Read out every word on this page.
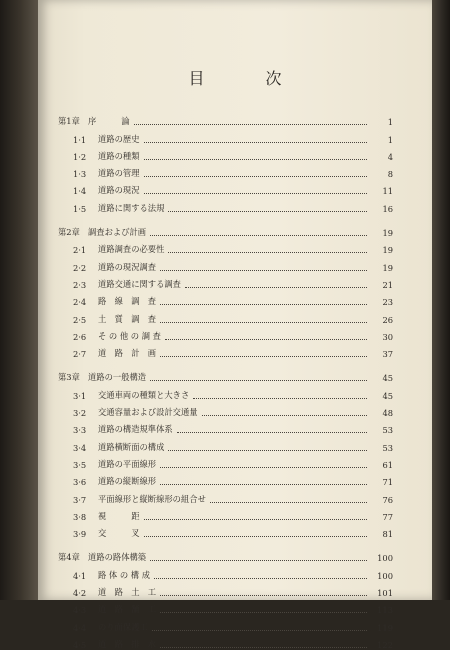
目 次
第1章 序　　　論	1
1·1	道路の歴史	1
1·2	道路の種類	4
1·3	道路の管理	8
1·4	道路の現況	11
1·5	道路に関する法規	16
第2章 調査および計画	19
2·1	道路調査の必要性	19
2·2	道路の現況調査	19
2·3	道路交通に関する調査	21
2·4	路　線　調　査	23
2·5	土　質　調　査	26
2·6	そ の 他 の 調 査	30
2·7	道　路　計　画	37
第3章 道路の一般構造	45
3·1	交通車両の種類と大きさ	45
3·2	交通容量および設計交通量	48
3·3	道路の構造規準体系	53
3·4	道路横断面の構成	53
3·5	道路の平面線形	61
3·6	道路の縦断線形	71
3·7	平面線形と縦断線形の組合せ	76
3·8	視　　　距	77
3·9	交　　　叉	81
第4章 道路の路体構築	100
4·1	路 体 の 構 成	100
4·2	道　路　土　工	101
4·3	道　路　舗　工	113
4·4	のり面保護工	119
4·5	道　路　排　水	122
